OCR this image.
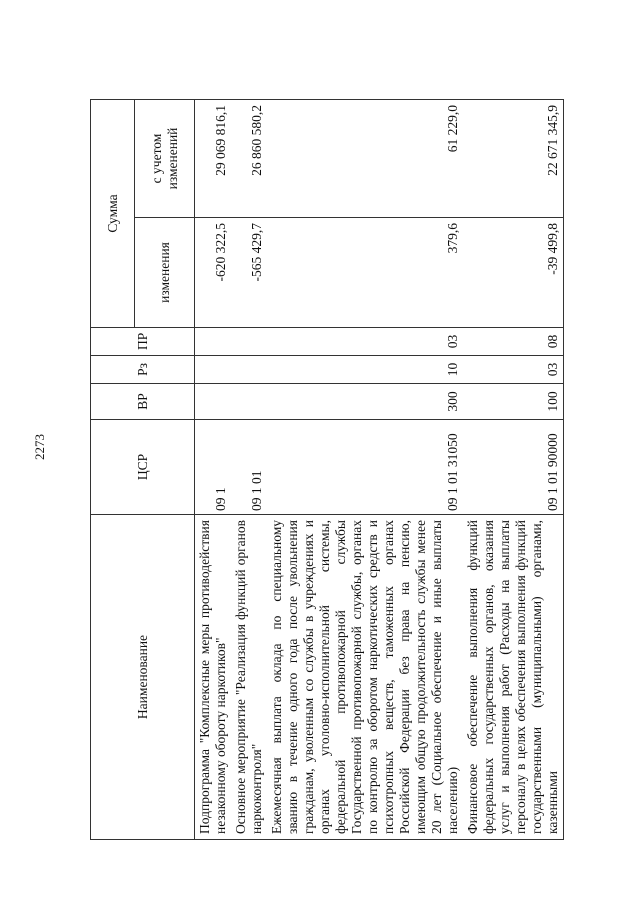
2273
Наименование	ЦСР	ВР	Рз	ПР	Сумма	
					изменения	с учетом изменений
Подпрограмма "Комплексные меры противодействия незаконному обороту наркотиков"	09 1				-620 322,5	29 069 816,1
Основное мероприятие "Реализация функций органов наркоконтроля"	09 1 01				-565 429,7	26 860 580,2
Ежемесячная выплата оклада по специальному званию в течение одного года после увольнения гражданам, уволенным со службы в учреждениях и органах уголовно-исполнительной системы, федеральной противопожарной службы Государственной противопожарной службы, органах по контролю за оборотом наркотических средств и психотропных веществ, таможенных органах Российской Федерации без права на пенсию, имеющим общую продолжительность службы менее 20 лет (Социальное обеспечение и иные выплаты населению)	09 1 01 31050	300	10	03	379,6	61 229,0
Финансовое обеспечение выполнения функций федеральных государственных органов, оказания услуг и выполнения работ (Расходы на выплаты персоналу в целях обеспечения выполнения функций государственными (муниципальными) органами, казенными	09 1 01 90000	100	03	08	-39 499,8	22 671 345,9
